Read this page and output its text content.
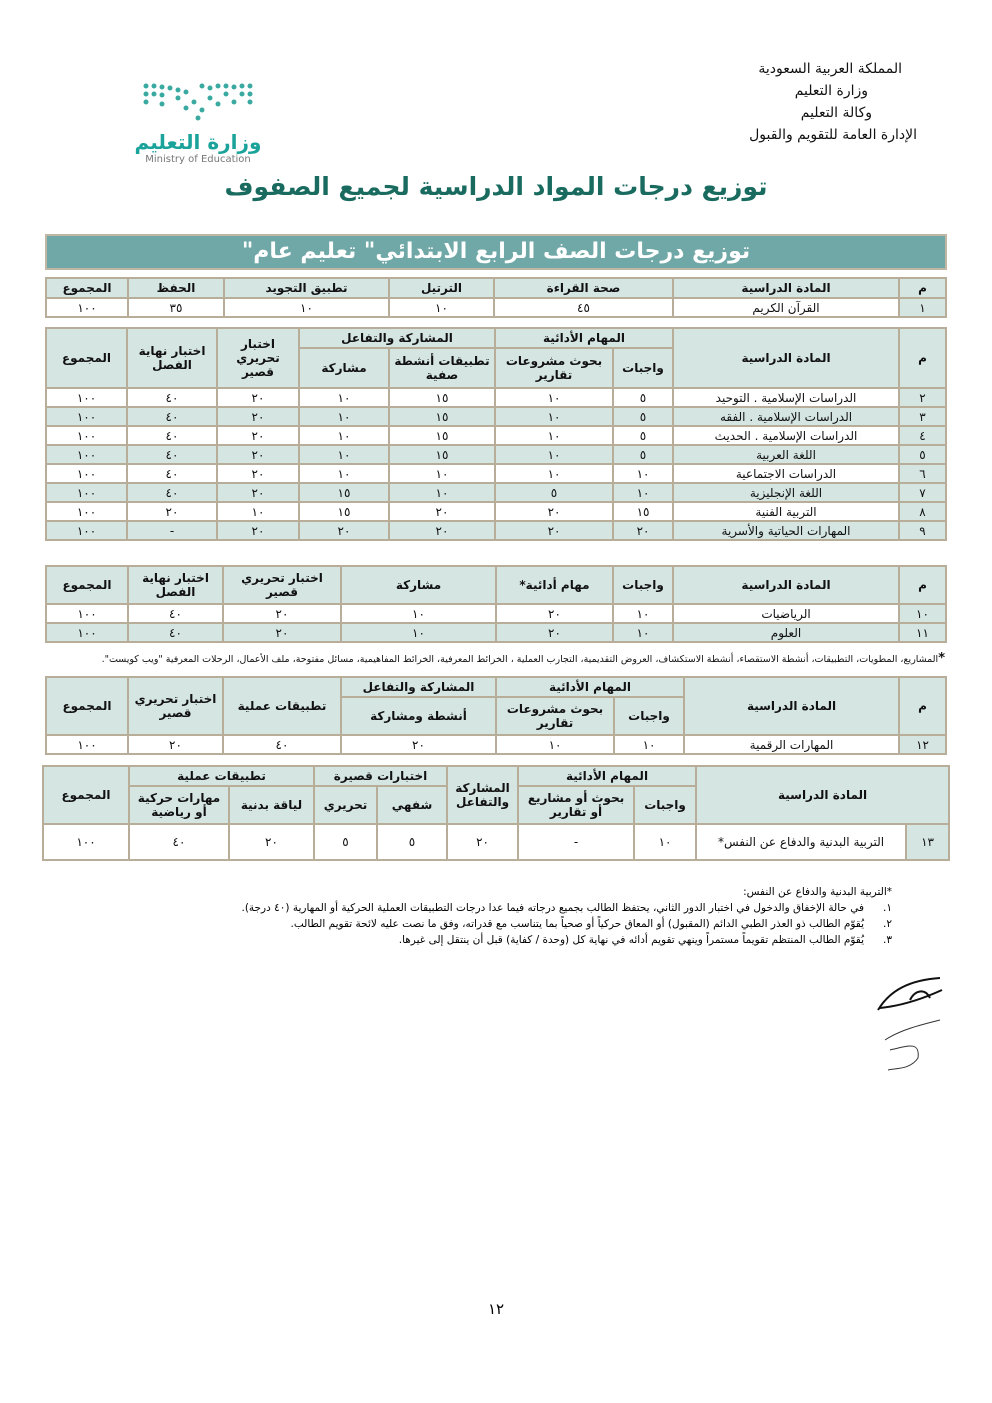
المملكة العربية السعودية
وزارة التعليم
وكالة التعليم
الإدارة العامة للتقويم والقبول
وزارة التعليم
Ministry of Education
توزيع درجات المواد الدراسية لجميع الصفوف
توزيع درجات الصف الرابع الابتدائي" تعليم عام"
م	المادة الدراسية	صحة القراءة	الترتيل	تطبيق التجويد	الحفظ	المجموع
١	القرآن الكريم	٤٥	١٠	١٠	٣٥	١٠٠
م	المادة الدراسية	المهام الأدائية		المشاركة والتفاعل		اختبار تحريري قصير	اختبار نهاية الفصل	المجموع
		واجبات	بحوث مشروعات تقارير	تطبيقات أنشطة صفية	مشاركة			
٢	الدراسات الإسلامية . التوحيد	٥	١٠	١٥	١٠	٢٠	٤٠	١٠٠
٣	الدراسات الإسلامية . الفقه	٥	١٠	١٥	١٠	٢٠	٤٠	١٠٠
٤	الدراسات الإسلامية . الحديث	٥	١٠	١٥	١٠	٢٠	٤٠	١٠٠
٥	اللغة العربية	٥	١٠	١٥	١٠	٢٠	٤٠	١٠٠
٦	الدراسات الاجتماعية	١٠	١٠	١٠	١٠	٢٠	٤٠	١٠٠
٧	اللغة الإنجليزية	١٠	٥	١٠	١٥	٢٠	٤٠	١٠٠
٨	التربية الفنية	١٥	٢٠	٢٠	١٥	١٠	٢٠	١٠٠
٩	المهارات الحياتية والأسرية	٢٠	٢٠	٢٠	٢٠	٢٠	-	١٠٠
م	المادة الدراسية	واجبات	مهام أدائية*	مشاركة	اختبار تحريري قصير	اختبار نهاية الفصل	المجموع
١٠	الرياضيات	١٠	٢٠	١٠	٢٠	٤٠	١٠٠
١١	العلوم	١٠	٢٠	١٠	٢٠	٤٠	١٠٠
*المشاريع، المطويات، التطبيقات، أنشطة الاستقصاء، أنشطة الاستكشاف، العروض التقديمية، التجارب العملية ، الخرائط المعرفية، الخرائط المفاهيمية، مسائل مفتوحة، ملف الأعمال، الرحلات المعرفية "ويب كويست".
م	المادة الدراسية	المهام الأدائية		المشاركة والتفاعل	تطبيقات عملية	اختبار تحريري قصير	المجموع
		واجبات	بحوث مشروعات تقارير	أنشطة ومشاركة			
١٢	المهارات الرقمية	١٠	١٠	٢٠	٤٠	٢٠	١٠٠
المادة الدراسية		المهام الأدائية		المشاركة والتفاعل	اختبارات قصيرة		تطبيقات عملية		المجموع
		واجبات	بحوث أو مشاريع أو تقارير		شفهي	تحريري	لياقة بدنية	مهارات حركية أو رياضية	
١٣	التربية البدنية والدفاع عن النفس*	١٠	-	٢٠	٥	٥	٢٠	٤٠	١٠٠
*التربية البدنية والدفاع عن النفس:
١.في حالة الإخفاق والدخول في اختبار الدور الثاني، يحتفظ الطالب بجميع درجاته فيما عدا درجات التطبيقات العملية الحركية أو المهارية (٤٠ درجة).
٢.يُقوّم الطالب ذو العذر الطبي الدائم (المقبول) أو المعاق حركياً أو صحياً بما يتناسب مع قدراته، وفق ما نصت عليه لائحة تقويم الطالب.
٣.يُقوّم الطالب المنتظم تقويماً مستمراً وينهي تقويم أدائه في نهاية كل (وحدة / كفاية) قبل أن ينتقل إلى غيرها.
١٢
